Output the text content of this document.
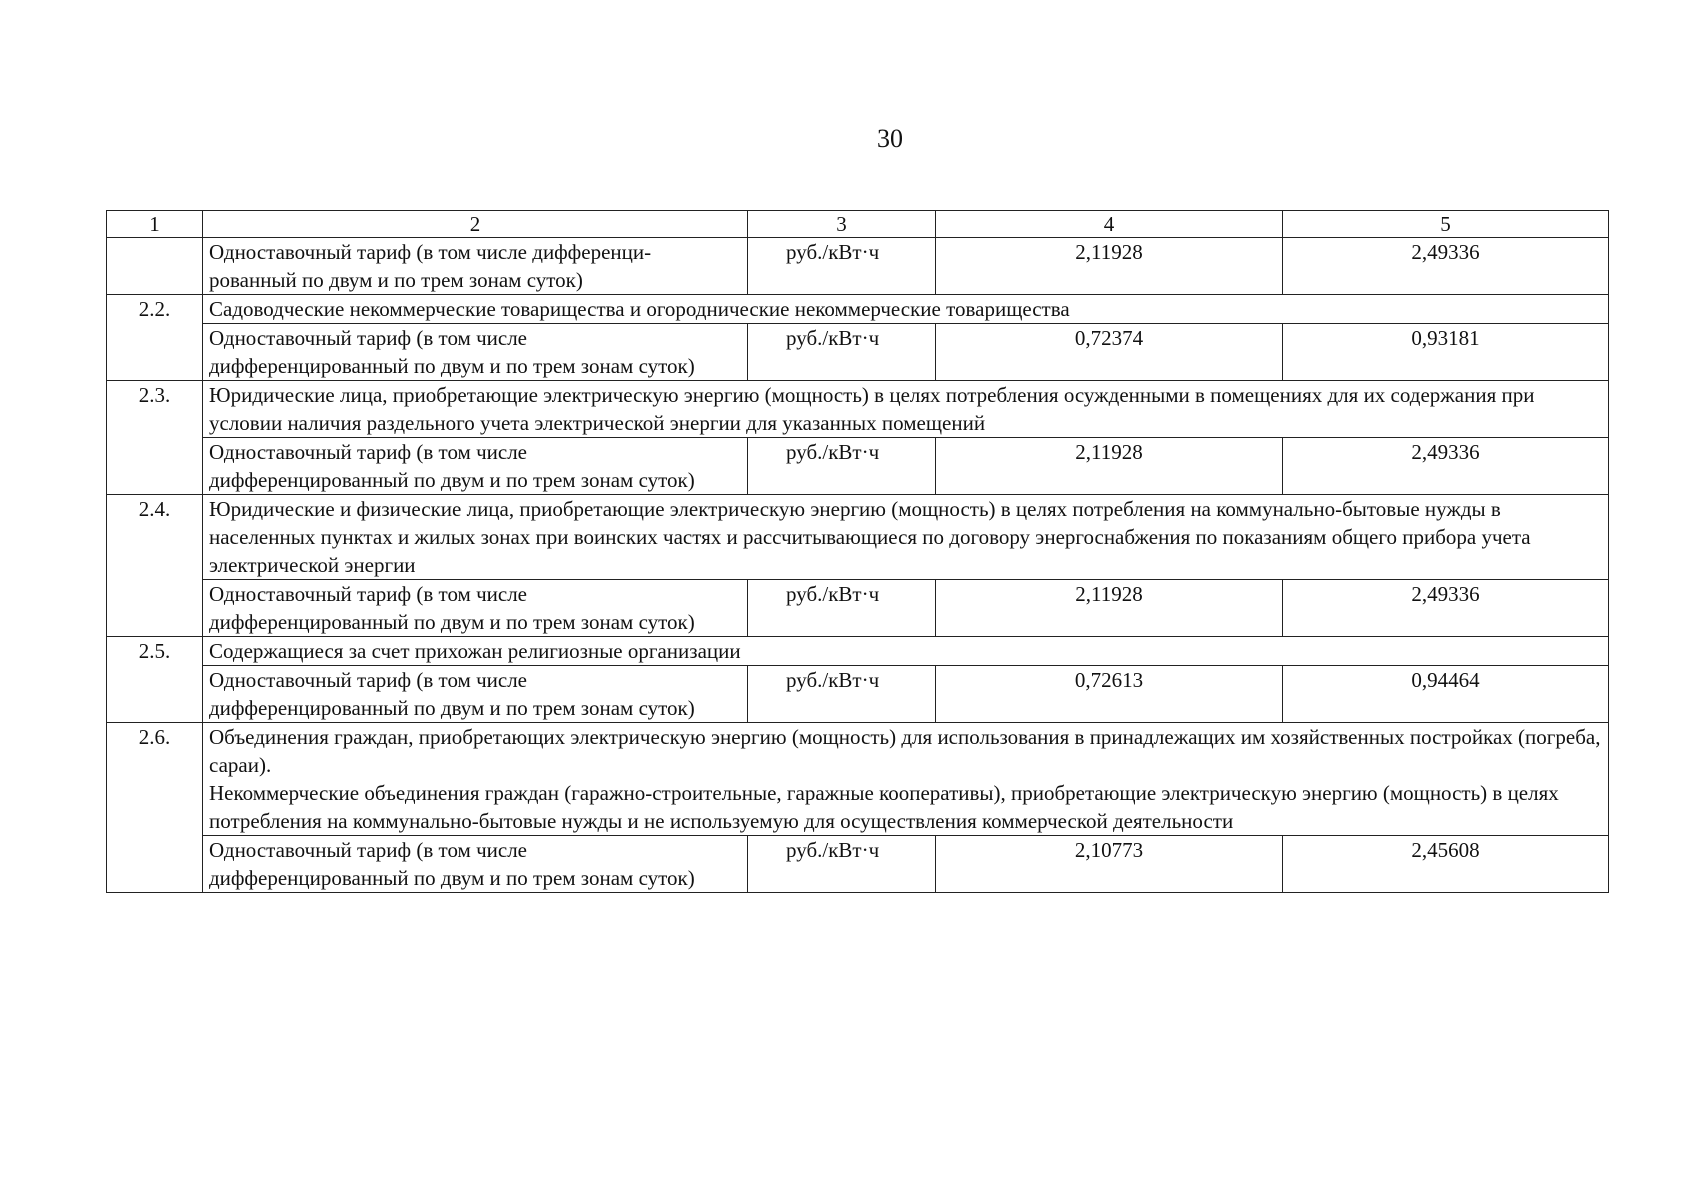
30
1	2	3	4	5
	Одноставочный тариф (в том числе дифференци-рованный по двум и по трем зонам суток)	руб./кВт·ч	2,11928	2,49336
2.2.	Садоводческие некоммерческие товарищества и огороднические некоммерческие товарищества			
	Одноставочный тариф (в том числе дифференцированный по двум и по трем зонам суток)	руб./кВт·ч	0,72374	0,93181
2.3.	Юридические лица, приобретающие электрическую энергию (мощность) в целях потребления осужденными в помещениях для их содержания при условии наличия раздельного учета электрической энергии для указанных помещений			
	Одноставочный тариф (в том числе дифференцированный по двум и по трем зонам суток)	руб./кВт·ч	2,11928	2,49336
2.4.	Юридические и физические лица, приобретающие электрическую энергию (мощность) в целях потребления на коммунально-бытовые нужды в населенных пунктах и жилых зонах при воинских частях и рассчитывающиеся по договору энергоснабжения по показаниям общего прибора учета электрической энергии			
	Одноставочный тариф (в том числе дифференцированный по двум и по трем зонам суток)	руб./кВт·ч	2,11928	2,49336
2.5.	Содержащиеся за счет прихожан религиозные организации			
	Одноставочный тариф (в том числе дифференцированный по двум и по трем зонам суток)	руб./кВт·ч	0,72613	0,94464
2.6.	Объединения граждан, приобретающих электрическую энергию (мощность) для использования в принадлежащих им хозяйственных постройках (погреба, сараи).
Некоммерческие объединения граждан (гаражно-строительные, гаражные кооперативы), приобретающие электрическую энергию (мощность) в целях потребления на коммунально-бытовые нужды и не используемую для осуществления коммерческой деятельности			

	Одноставочный тариф (в том числе дифференцированный по двум и по трем зонам суток)	руб./кВт·ч	2,10773	2,45608
